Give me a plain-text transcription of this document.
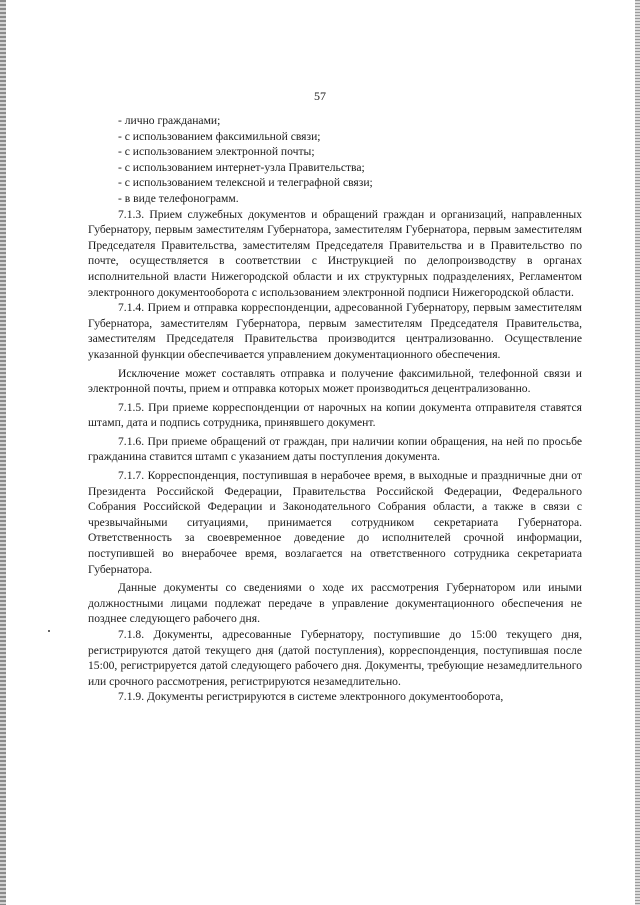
57
- лично гражданами;
- с использованием факсимильной связи;
- с использованием электронной почты;
- с использованием интернет-узла Правительства;
- с использованием телексной и телеграфной связи;
- в виде телефонограмм.
7.1.3. Прием служебных документов и обращений граждан и организаций, направленных Губернатору, первым заместителям Губернатора, заместителям Губернатора, первым заместителям Председателя Правительства, заместителям Председателя Правительства и в Правительство по почте, осуществляется в соответствии с Инструкцией по делопроизводству в органах исполнительной власти Нижегородской области и их структурных подразделениях, Регламентом электронного документооборота с использованием электронной подписи Нижегородской области.
7.1.4. Прием и отправка корреспонденции, адресованной Губернатору, первым заместителям Губернатора, заместителям Губернатора, первым заместителям Председателя Правительства, заместителям Председателя Правительства производится централизованно. Осуществление указанной функции обеспечивается управлением документационного обеспечения.
Исключение может составлять отправка и получение факсимильной, телефонной связи и электронной почты, прием и отправка которых может производиться децентрализованно.
7.1.5. При приеме корреспонденции от нарочных на копии документа отправителя ставятся штамп, дата и подпись сотрудника, принявшего документ.
7.1.6. При приеме обращений от граждан, при наличии копии обращения, на ней по просьбе гражданина ставится штамп с указанием даты поступления документа.
7.1.7. Корреспонденция, поступившая в нерабочее время, в выходные и праздничные дни от Президента Российской Федерации, Правительства Российской Федерации, Федерального Собрания Российской Федерации и Законодательного Собрания области, а также в связи с чрезвычайными ситуациями, принимается сотрудником секретариата Губернатора. Ответственность за своевременное доведение до исполнителей срочной информации, поступившей во внерабочее время, возлагается на ответственного сотрудника секретариата Губернатора.
Данные документы со сведениями о ходе их рассмотрения Губернатором или иными должностными лицами подлежат передаче в управление документационного обеспечения не позднее следующего рабочего дня.
7.1.8. Документы, адресованные Губернатору, поступившие до 15:00 текущего дня, регистрируются датой текущего дня (датой поступления), корреспонденция, поступившая после 15:00, регистрируется датой следующего рабочего дня. Документы, требующие незамедлительного или срочного рассмотрения, регистрируются незамедлительно.
7.1.9. Документы регистрируются в системе электронного документооборота,
